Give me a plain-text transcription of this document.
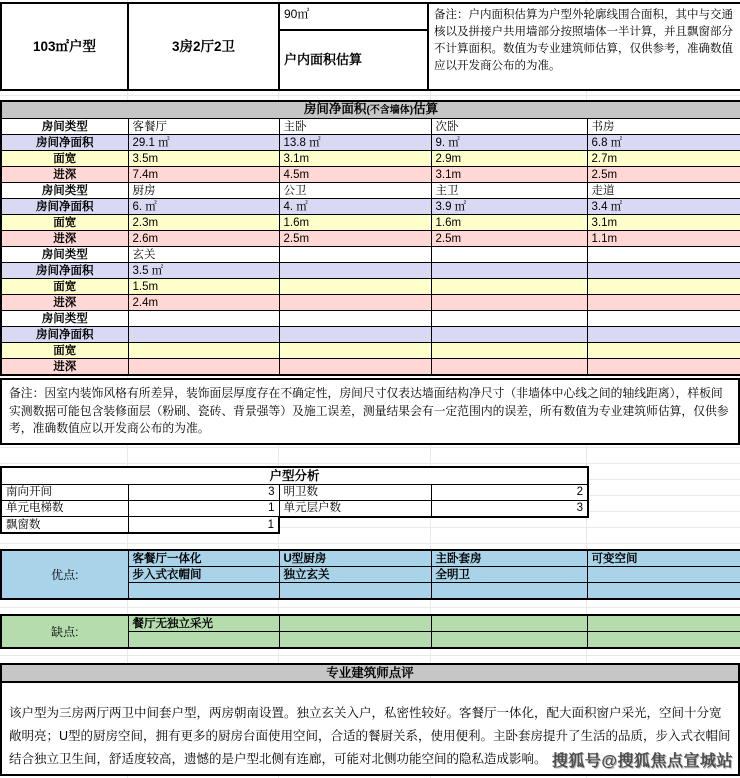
103㎡户型	3房2厅2卫	
90㎡
户内面积估算
	备注：户内面积估算为户型外轮廓线围合面积，其中与交通核以及拼接户共用墙部分按照墙体一半计算，并且飘窗部分不计算面积。数值为专业建筑师估算，仅供参考，准确数值应以开发商公布的为准。
房间净面积(不含墙体)估算				
房间类型	客餐厅	主卧	次卧	书房
房间净面积	29.1 ㎡	13.8 ㎡	9. ㎡	6.8 ㎡
面宽	3.5m	3.1m	2.9m	2.7m
进深	7.4m	4.5m	3.1m	2.5m
房间类型	厨房	公卫	主卫	走道
房间净面积	6. ㎡	4. ㎡	3.9 ㎡	3.4 ㎡
面宽	2.3m	1.6m	1.6m	3.1m
进深	2.6m	2.5m	2.5m	1.1m
房间类型	玄关			
房间净面积	3.5 ㎡			
面宽	1.5m			
进深	2.4m			
房间类型				
房间净面积				
面宽				
进深				
备注：因室内装饰风格有所差异，装饰面层厚度存在不确定性，房间尺寸仅表达墙面结构净尺寸（非墙体中心线之间的轴线距离），样板间实测数据可能包含装修面层（粉刷、瓷砖、背景强等）及施工误差，测量结果会有一定范围内的误差，所有数值为专业建筑师估算，仅供参考，准确数值应以开发商公布的为准。
户型分析			
南向开间	3	明卫数	2
单元电梯数	1	单元层户数	3
飘窗数	1		
优点:	客餐厅一体化	U型厨房	主卧套房	可变空间
	步入式衣帽间	独立玄关	全明卫	

缺点:	餐厅无独立采光			

专业建筑师点评
该户型为三房两厅两卫中间套户型，两房朝南设置。独立玄关入户，私密性较好。客餐厅一体化，配大面积窗户采光，空间十分宽敞明亮；U型的厨房空间，拥有更多的厨房台面使用空间，合适的餐厨关系，使用便利。主卧套房提升了生活的品质，步入式衣帽间结合独立卫生间，舒适度较高，遗憾的是户型北侧有连廊，可能对北侧功能空间的隐私造成影响。 搜狐号@搜狐焦点宣城站
